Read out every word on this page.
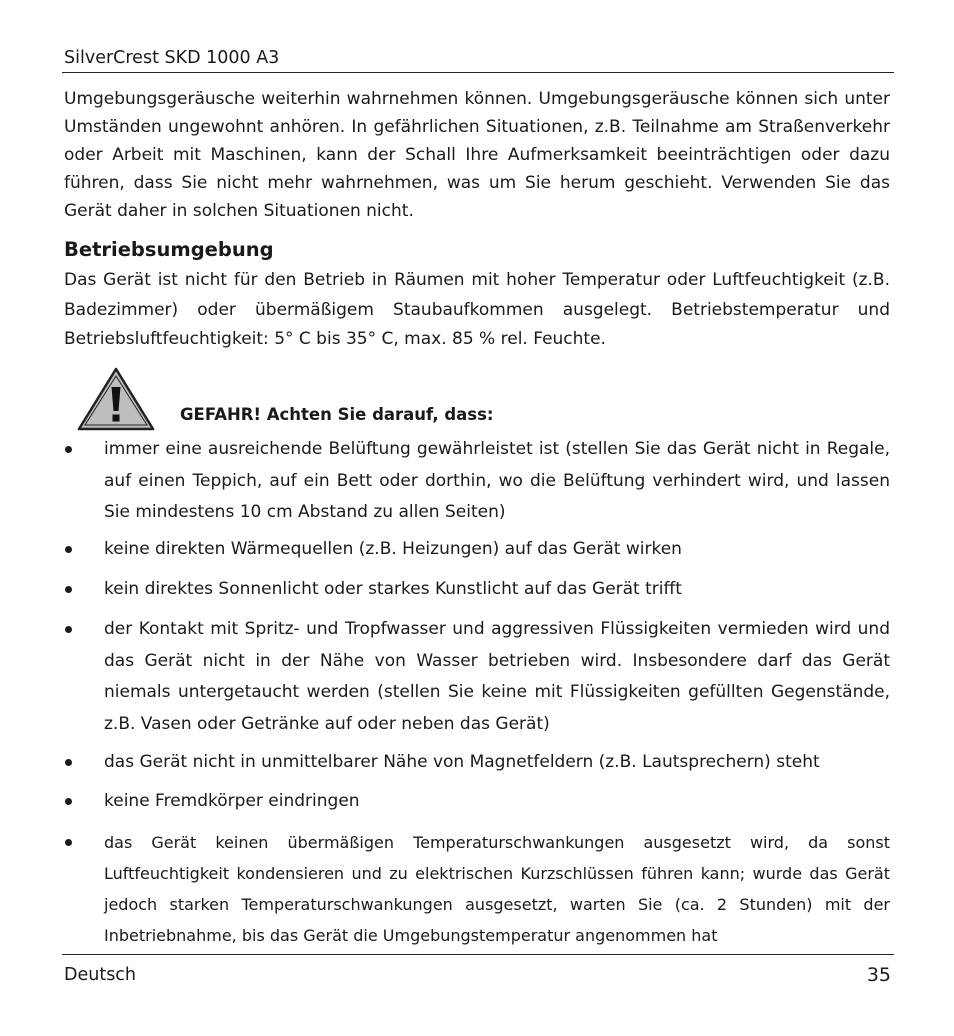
SilverCrest SKD 1000 A3

Umgebungsgeräusche weiterhin wahrnehmen können. Umgebungsgeräusche können sich unter Umständen ungewohnt anhören. In gefährlichen Situationen, z.B. Teilnahme am Straßenverkehr oder Arbeit mit Maschinen, kann der Schall Ihre Aufmerksamkeit beeinträchtigen oder dazu führen, dass Sie nicht mehr wahrnehmen, was um Sie herum geschieht. Verwenden Sie das Gerät daher in solchen Situationen nicht.

Betriebsumgebung

Das Gerät ist nicht für den Betrieb in Räumen mit hoher Temperatur oder Luftfeuchtigkeit (z.B. Badezimmer) oder übermäßigem Staubaufkommen ausgelegt. Betriebstemperatur und Betriebsluftfeuchtigkeit: 5° C bis 35° C, max. 85 % rel. Feuchte.

GEFAHR! Achten Sie darauf, dass:

immer eine ausreichende Belüftung gewährleistet ist (stellen Sie das Gerät nicht in Regale, auf einen Teppich, auf ein Bett oder dorthin, wo die Belüftung verhindert wird, und lassen Sie mindestens 10 cm Abstand zu allen Seiten)

keine direkten Wärmequellen (z.B. Heizungen) auf das Gerät wirken

kein direktes Sonnenlicht oder starkes Kunstlicht auf das Gerät trifft

der Kontakt mit Spritz- und Tropfwasser und aggressiven Flüssigkeiten vermieden wird und das Gerät nicht in der Nähe von Wasser betrieben wird. Insbesondere darf das Gerät niemals untergetaucht werden (stellen Sie keine mit Flüssigkeiten gefüllten Gegenstände, z.B. Vasen oder Getränke auf oder neben das Gerät)

das Gerät nicht in unmittelbarer Nähe von Magnetfeldern (z.B. Lautsprechern) steht

keine Fremdkörper eindringen

das Gerät keinen übermäßigen Temperaturschwankungen ausgesetzt wird, da sonst Luftfeuchtigkeit kondensieren und zu elektrischen Kurzschlüssen führen kann; wurde das Gerät jedoch starken Temperaturschwankungen ausgesetzt, warten Sie (ca. 2 Stunden) mit der Inbetriebnahme, bis das Gerät die Umgebungstemperatur angenommen hat

Deutsch	35
